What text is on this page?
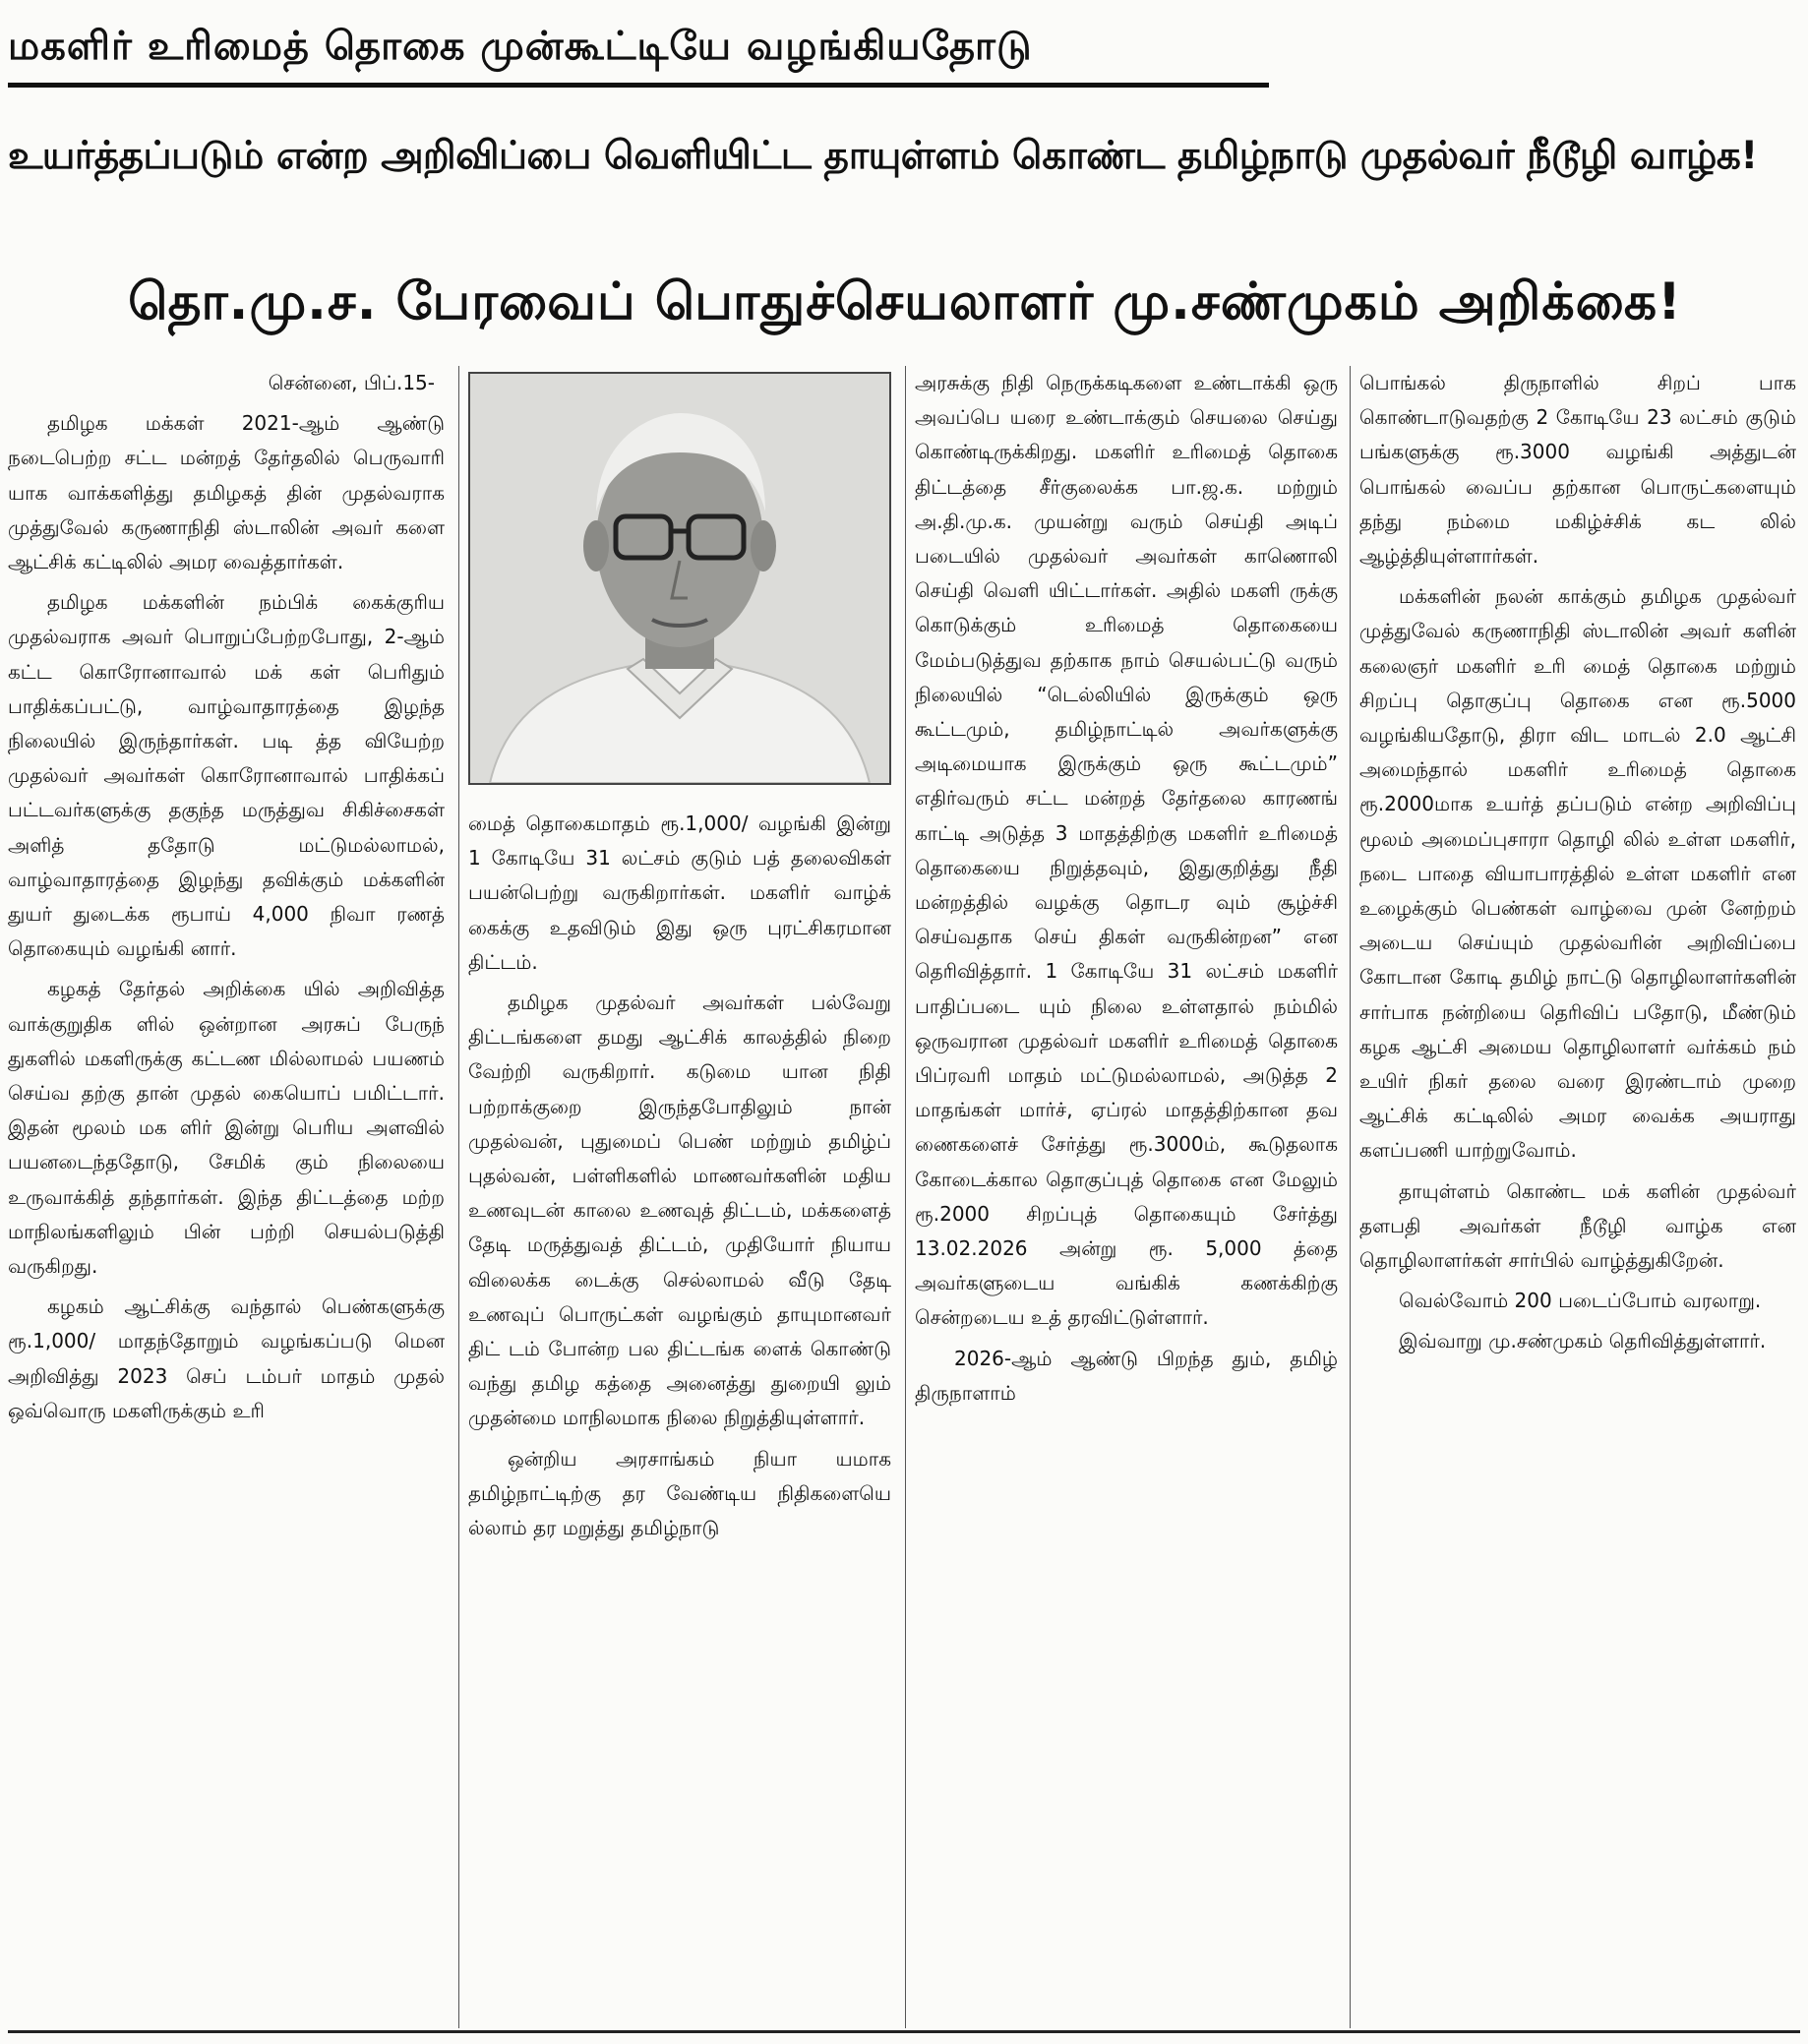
மகளிர் உரிமைத் தொகை முன்கூட்டியே வழங்கியதோடு
உயர்த்தப்படும் என்ற அறிவிப்பை வெளியிட்ட தாயுள்ளம் கொண்ட தமிழ்நாடு முதல்வர் நீடூழி வாழ்க!
தொ.மு.ச. பேரவைப் பொதுச்செயலாளர் மு.சண்முகம் அறிக்கை!

சென்னை, பிப்.15-

தமிழக மக்கள் 2021-ஆம் ஆண்டு நடைபெற்ற சட்ட மன்றத் தேர்தலில் பெருவாரி யாக வாக்களித்து தமிழகத் தின் முதல்வராக முத்துவேல் கருணாநிதி ஸ்டாலின் அவர் களை ஆட்சிக் கட்டிலில் அமர வைத்தார்கள்.

தமிழக மக்களின் நம்பிக் கைக்குரிய முதல்வராக அவர் பொறுப்பேற்றபோது, 2-ஆம் கட்ட கொரோனாவால் மக் கள் பெரிதும் பாதிக்கப்பட்டு, வாழ்வாதாரத்தை இழந்த நிலையில் இருந்தார்கள். படி த்த வியேற்ற முதல்வர் அவர்கள் கொரோனாவால் பாதிக்கப் பட்டவர்களுக்கு தகுந்த மருத்துவ சிகிச்சைகள் அளித் ததோடு மட்டுமல்லாமல், வாழ்வாதாரத்தை இழந்து தவிக்கும் மக்களின் துயர் துடைக்க ரூபாய் 4,000 நிவா ரணத் தொகையும் வழங்கி னார்.

கழகத் தேர்தல் அறிக்கை யில் அறிவித்த வாக்குறுதிக ளில் ஒன்றான அரசுப் பேருந் துகளில் மகளிருக்கு கட்டண மில்லாமல் பயணம் செய்வ தற்கு தான் முதல் கையொப் பமிட்டார். இதன் மூலம் மக ளிர் இன்று பெரிய அளவில் பயனடைந்ததோடு, சேமிக் கும் நிலையை உருவாக்கித் தந்தார்கள். இந்த திட்டத்தை மற்ற மாநிலங்களிலும் பின் பற்றி செயல்படுத்தி வருகிறது.

கழகம் ஆட்சிக்கு வந்தால் பெண்களுக்கு ரூ.1,000/ மாதந்தோறும் வழங்கப்படு மென அறிவித்து 2023 செப் டம்பர் மாதம் முதல் ஒவ்வொரு மகளிருக்கும் உரி

மைத் தொகைமாதம் ரூ.1,000/ வழங்கி இன்று 1 கோடியே 31 லட்சம் குடும் பத் தலைவிகள் பயன்பெற்று வருகிறார்கள். மகளிர் வாழ்க் கைக்கு உதவிடும் இது ஒரு புரட்சிகரமான திட்டம்.

தமிழக முதல்வர் அவர்கள் பல்வேறு திட்டங்களை தமது ஆட்சிக் காலத்தில் நிறை வேற்றி வருகிறார். கடுமை யான நிதி பற்றாக்குறை இருந்தபோதிலும் நான் முதல்வன், புதுமைப் பெண் மற்றும் தமிழ்ப் புதல்வன், பள்ளிகளில் மாணவர்களின் மதிய உணவுடன் காலை உணவுத் திட்டம், மக்களைத் தேடி மருத்துவத் திட்டம், முதியோர் நியாய விலைக்க டைக்கு செல்லாமல் வீடு தேடி உணவுப் பொருட்கள் வழங்கும் தாயுமானவர் திட் டம் போன்ற பல திட்டங்க ளைக் கொண்டு வந்து தமிழ கத்தை அனைத்து துறையி லும் முதன்மை மாநிலமாக நிலை நிறுத்தியுள்ளார்.

ஒன்றிய அரசாங்கம் நியா யமாக தமிழ்நாட்டிற்கு தர வேண்டிய நிதிகளையெ ல்லாம் தர மறுத்து தமிழ்நாடு

அரசுக்கு நிதி நெருக்கடிகளை உண்டாக்கி ஒரு அவப்பெ யரை உண்டாக்கும் செயலை செய்து கொண்டிருக்கிறது. மகளிர் உரிமைத் தொகை திட்டத்தை சீர்குலைக்க பா.ஜ.க. மற்றும் அ.தி.மு.க. முயன்று வரும் செய்தி அடிப் படையில் முதல்வர் அவர்கள் காணொலி செய்தி வெளி யிட்டார்கள். அதில் மகளி ருக்கு கொடுக்கும் உரிமைத் தொகையை மேம்படுத்துவ தற்காக நாம் செயல்பட்டு வரும் நிலையில் “டெல்லியில் இருக்கும் ஒரு கூட்டமும், தமிழ்நாட்டில் அவர்களுக்கு அடிமையாக இருக்கும் ஒரு கூட்டமும்” எதிர்வரும் சட்ட மன்றத் தேர்தலை காரணங் காட்டி அடுத்த 3 மாதத்திற்கு மகளிர் உரிமைத் தொகையை நிறுத்தவும், இதுகுறித்து நீதி மன்றத்தில் வழக்கு தொடர வும் சூழ்ச்சி செய்வதாக செய் திகள் வருகின்றன” என தெரிவித்தார். 1 கோடியே 31 லட்சம் மகளிர் பாதிப்படை யும் நிலை உள்ளதால் நம்மில் ஒருவரான முதல்வர் மகளிர் உரிமைத் தொகை பிப்ரவரி மாதம் மட்டுமல்லாமல், அடுத்த 2 மாதங்கள் மார்ச், ஏப்ரல் மாதத்திற்கான தவ ணைகளைச் சேர்த்து ரூ.3000ம், கூடுதலாக கோடைக்கால தொகுப்புத் தொகை என மேலும் ரூ.2000 சிறப்புத் தொகையும் சேர்த்து 13.02.2026 அன்று ரூ. 5,000 த்தை அவர்களுடைய வங்கிக் கணக்கிற்கு சென்றடைய உத் தரவிட்டுள்ளார்.

2026-ஆம் ஆண்டு பிறந்த தும், தமிழ் திருநாளாம்

பொங்கல் திருநாளில் சிறப் பாக கொண்டாடுவதற்கு 2 கோடியே 23 லட்சம் குடும் பங்களுக்கு ரூ.3000 வழங்கி அத்துடன் பொங்கல் வைப்ப தற்கான பொருட்களையும் தந்து நம்மை மகிழ்ச்சிக் கட லில் ஆழ்த்தியுள்ளார்கள்.

மக்களின் நலன் காக்கும் தமிழக முதல்வர் முத்துவேல் கருணாநிதி ஸ்டாலின் அவர் களின் கலைஞர் மகளிர் உரி மைத் தொகை மற்றும் சிறப்பு தொகுப்பு தொகை என ரூ.5000 வழங்கியதோடு, திரா விட மாடல் 2.0 ஆட்சி அமைந்தால் மகளிர் உரிமைத் தொகை ரூ.2000மாக உயர்த் தப்படும் என்ற அறிவிப்பு மூலம் அமைப்புசாரா தொழி லில் உள்ள மகளிர், நடை பாதை வியாபாரத்தில் உள்ள மகளிர் என உழைக்கும் பெண்கள் வாழ்வை முன் னேற்றம் அடைய செய்யும் முதல்வரின் அறிவிப்பை கோடான கோடி தமிழ் நாட்டு தொழிலாளர்களின் சார்பாக நன்றியை தெரிவிப் பதோடு, மீண்டும் கழக ஆட்சி அமைய தொழிலாளர் வர்க்கம் நம் உயிர் நிகர் தலை வரை இரண்டாம் முறை ஆட்சிக் கட்டிலில் அமர வைக்க அயராது களப்பணி யாற்றுவோம்.

தாயுள்ளம் கொண்ட மக் களின் முதல்வர் தளபதி அவர்கள் நீடூழி வாழ்க என தொழிலாளர்கள் சார்பில் வாழ்த்துகிறேன்.

வெல்வோம் 200 படைப்போம் வரலாறு.

இவ்வாறு மு.சண்முகம் தெரிவித்துள்ளார்.
